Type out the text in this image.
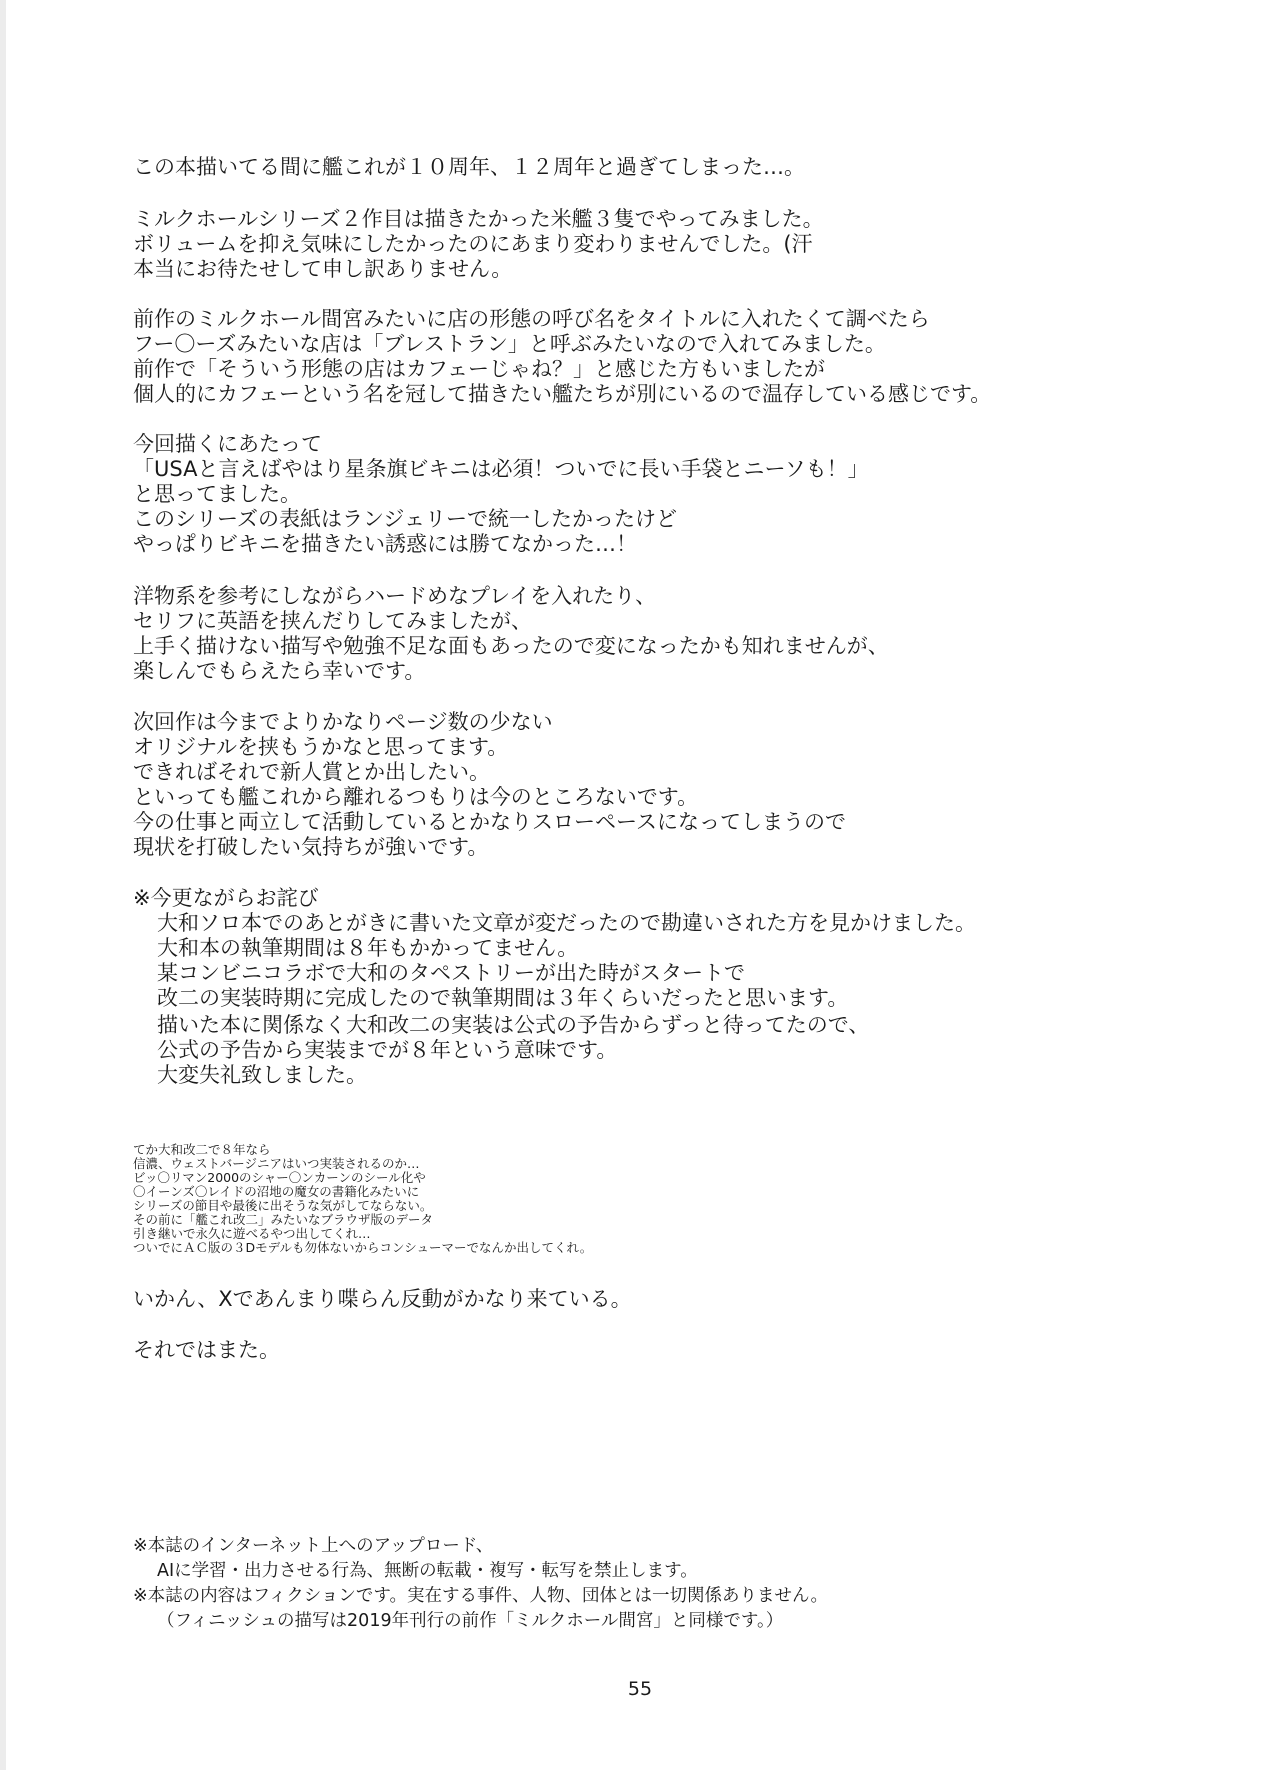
この本描いてる間に艦これが１０周年、１２周年と過ぎてしまった…。
ミルクホールシリーズ２作目は描きたかった米艦３隻でやってみました。
ボリュームを抑え気味にしたかったのにあまり変わりませんでした。(汗
本当にお待たせして申し訳ありません。
前作のミルクホール間宮みたいに店の形態の呼び名をタイトルに入れたくて調べたら
フー〇ーズみたいな店は「ブレストラン」と呼ぶみたいなので入れてみました。
前作で「そういう形態の店はカフェーじゃね？」と感じた方もいましたが
個人的にカフェーという名を冠して描きたい艦たちが別にいるので温存している感じです。
今回描くにあたって
「USAと言えばやはり星条旗ビキニは必須！ついでに長い手袋とニーソも！」
と思ってました。
このシリーズの表紙はランジェリーで統一したかったけど
やっぱりビキニを描きたい誘惑には勝てなかった…！
洋物系を参考にしながらハードめなプレイを入れたり、
セリフに英語を挟んだりしてみましたが、
上手く描けない描写や勉強不足な面もあったので変になったかも知れませんが、
楽しんでもらえたら幸いです。
次回作は今までよりかなりページ数の少ない
オリジナルを挟もうかなと思ってます。
できればそれで新人賞とか出したい。
といっても艦これから離れるつもりは今のところないです。
今の仕事と両立して活動しているとかなりスローペースになってしまうので
現状を打破したい気持ちが強いです。
※今更ながらお詫び
大和ソロ本でのあとがきに書いた文章が変だったので勘違いされた方を見かけました。
大和本の執筆期間は８年もかかってません。
某コンビニコラボで大和のタペストリーが出た時がスタートで
改二の実装時期に完成したので執筆期間は３年くらいだったと思います。
描いた本に関係なく大和改二の実装は公式の予告からずっと待ってたので、
公式の予告から実装までが８年という意味です。
大変失礼致しました。
てか大和改二で８年なら
信濃、ウェストバージニアはいつ実装されるのか…
ビッ〇リマン2000のシャー〇ンカーンのシール化や
〇イーンズ〇レイドの沼地の魔女の書籍化みたいに
シリーズの節目や最後に出そうな気がしてならない。
その前に「艦これ改二」みたいなブラウザ版のデータ
引き継いで永久に遊べるやつ出してくれ…
ついでにＡＣ版の３Dモデルも勿体ないからコンシューマーでなんか出してくれ。
いかん、Xであんまり喋らん反動がかなり来ている。
それではまた。
※本誌のインターネット上へのアップロード、
AIに学習・出力させる行為、無断の転載・複写・転写を禁止します。
※本誌の内容はフィクションです。実在する事件、人物、団体とは一切関係ありません。
（フィニッシュの描写は2019年刊行の前作「ミルクホール間宮」と同様です。）
55
